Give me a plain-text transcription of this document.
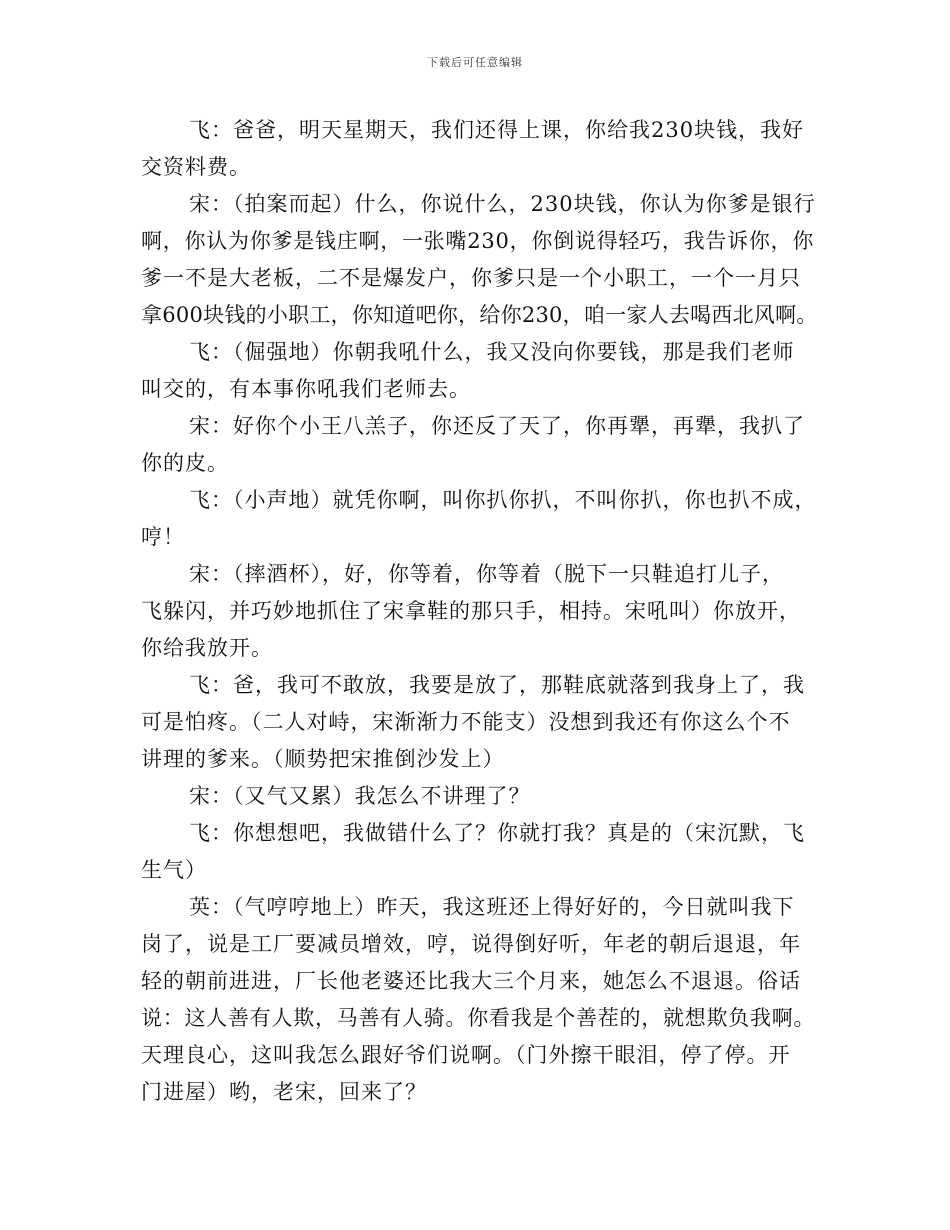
下载后可任意编辑
飞：爸爸，明天星期天，我们还得上课，你给我230块钱，我好
交资料费。
宋：（拍案而起）什么，你说什么，230块钱，你认为你爹是银行
啊，你认为你爹是钱庄啊，一张嘴230，你倒说得轻巧，我告诉你，你
爹一不是大老板，二不是爆发户，你爹只是一个小职工，一个一月只
拿600块钱的小职工，你知道吧你，给你230，咱一家人去喝西北风啊。
飞：（倔强地）你朝我吼什么，我又没向你要钱，那是我们老师
叫交的，有本事你吼我们老师去。
宋：好你个小王八羔子，你还反了天了，你再犟，再犟，我扒了
你的皮。
飞：（小声地）就凭你啊，叫你扒你扒，不叫你扒，你也扒不成，
哼！
宋：（摔酒杯），好，你等着，你等着（脱下一只鞋追打儿子，
飞躲闪，并巧妙地抓住了宋拿鞋的那只手，相持。宋吼叫）你放开，
你给我放开。
飞：爸，我可不敢放，我要是放了，那鞋底就落到我身上了，我
可是怕疼。（二人对峙，宋渐渐力不能支）没想到我还有你这么个不
讲理的爹来。（顺势把宋推倒沙发上）
宋：（又气又累）我怎么不讲理了？
飞：你想想吧，我做错什么了？你就打我？真是的（宋沉默，飞
生气）
英：（气哼哼地上）昨天，我这班还上得好好的，今日就叫我下
岗了，说是工厂要减员增效，哼，说得倒好听，年老的朝后退退，年
轻的朝前进进，厂长他老婆还比我大三个月来，她怎么不退退。俗话
说：这人善有人欺，马善有人骑。你看我是个善茬的，就想欺负我啊。
天理良心，这叫我怎么跟好爷们说啊。（门外擦干眼泪，停了停。开
门进屋）哟，老宋，回来了？
